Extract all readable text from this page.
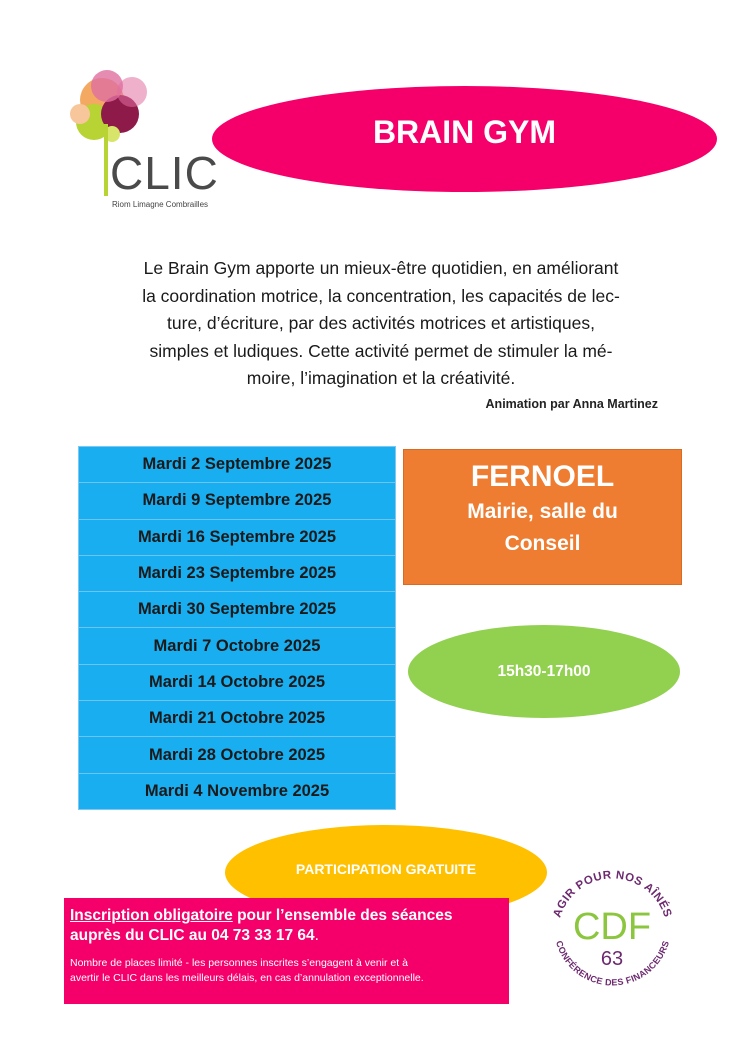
CLIC
Riom Limagne Combrailles
BRAIN GYM
Le Brain Gym apporte un mieux-être quotidien, en améliorant
la coordination motrice, la concentration, les capacités de lec-
ture, d’écriture, par des activités motrices et artistiques,
simples et ludiques. Cette activité permet de stimuler la mé-
moire, l’imagination et la créativité.
Animation par Anna Martinez
Mardi 2 Septembre 2025
Mardi 9 Septembre 2025
Mardi 16 Septembre 2025
Mardi 23 Septembre 2025
Mardi 30 Septembre 2025
Mardi 7 Octobre 2025
Mardi 14 Octobre 2025
Mardi 21 Octobre 2025
Mardi 28 Octobre 2025
Mardi 4 Novembre 2025
FERNOEL
Mairie, salle du
Conseil
15h30-17h00
PARTICIPATION GRATUITE
Inscription obligatoire pour l’ensemble des séances
auprès du CLIC au 04 73 33 17 64.
Nombre de places limité - les personnes inscrites s’engagent à venir et à
avertir le CLIC dans les meilleurs délais, en cas d’annulation exceptionnelle.
AGIR POUR NOS AÎNÉS
CONFÉRENCE DES FINANCEURS
CDF
63
